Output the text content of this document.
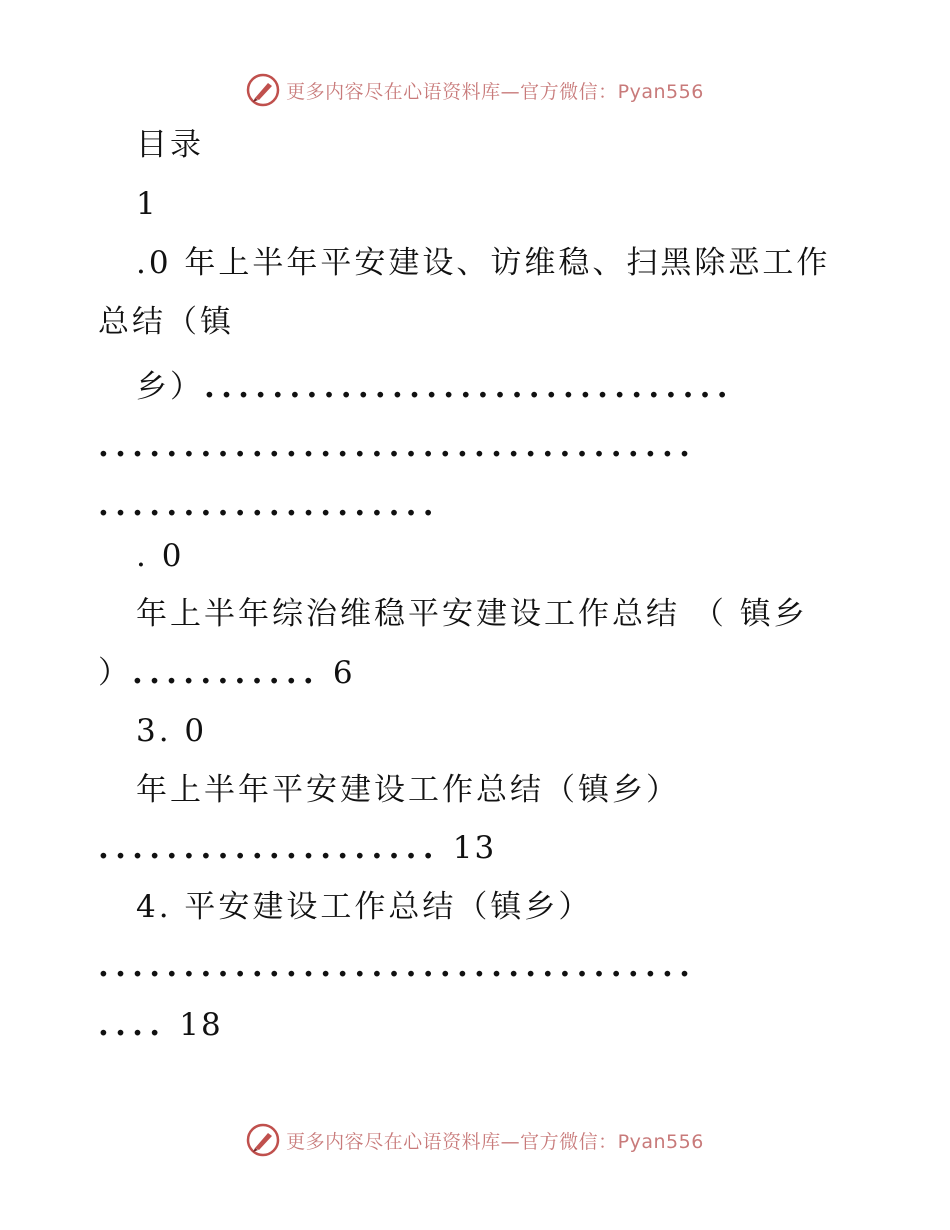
更多内容尽在心语资料库—官方微信：Pyan556
目录
1
.0 年上半年平安建设、访维稳、扫黑除恶工作
总结（镇
乡）...............................
...................................
....................
. 0
年上半年综治维稳平安建设工作总结 （ 镇乡
）........... 6
3. 0
年上半年平安建设工作总结（镇乡）
.................... 13
4. 平安建设工作总结（镇乡）
...................................
.... 18
更多内容尽在心语资料库—官方微信：Pyan556
